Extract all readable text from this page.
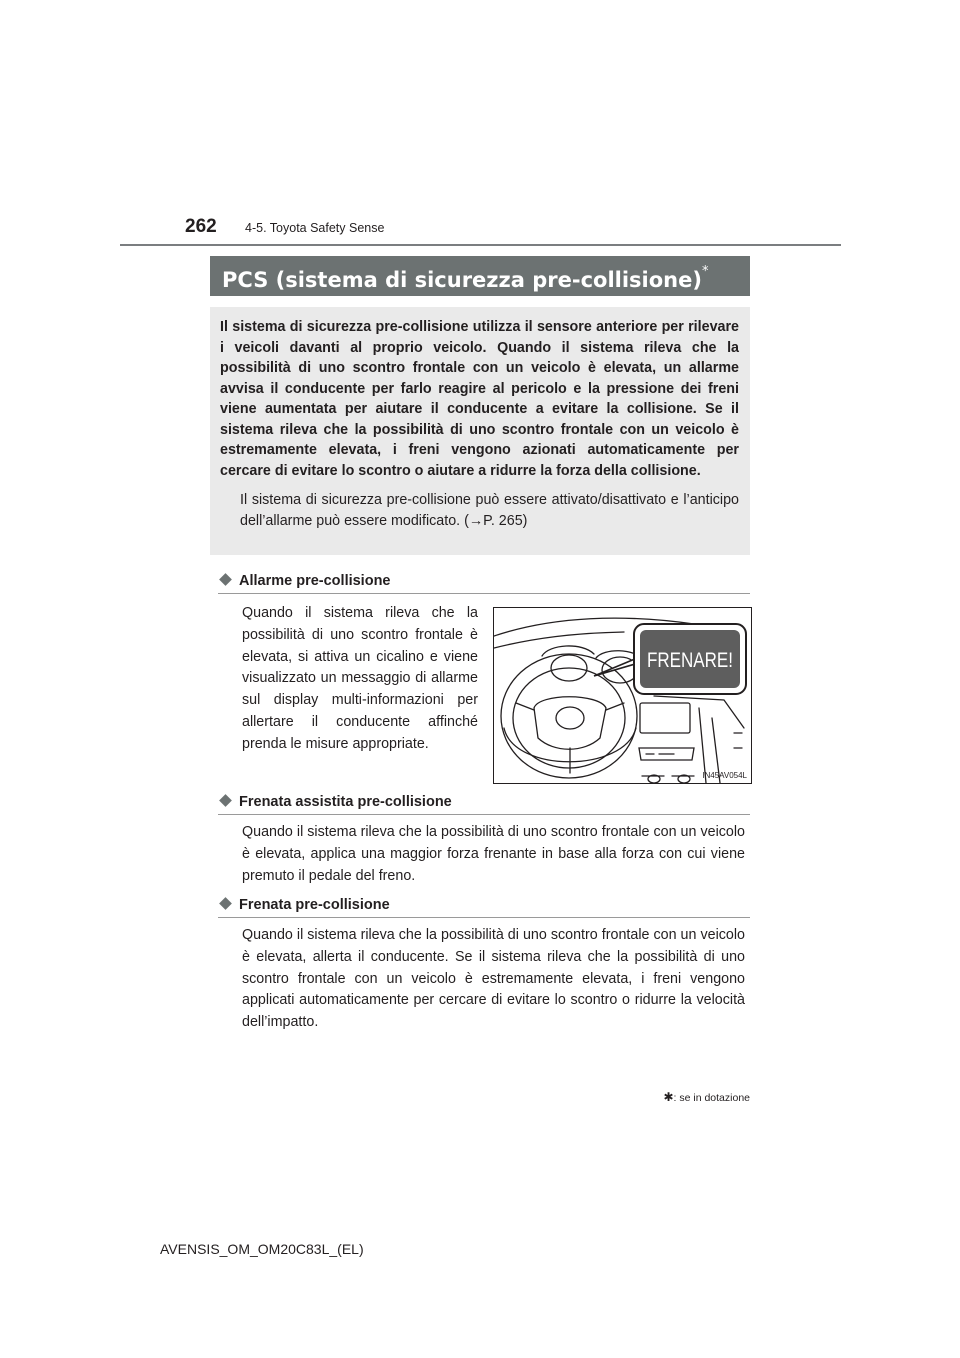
262 4-5. Toyota Safety Sense
PCS (sistema di sicurezza pre-collisione)*

Il sistema di sicurezza pre-collisione utilizza il sensore anteriore per rilevare i veicoli davanti al proprio veicolo. Quando il sistema rileva che la possibilità di uno scontro frontale con un veicolo è elevata, un allarme avvisa il conducente per farlo reagire al pericolo e la pressione dei freni viene aumentata per aiutare il conducente a evitare la collisione. Se il sistema rileva che la possibilità di uno scontro frontale con un veicolo è estremamente elevata, i freni vengono azionati automaticamente per cercare di evitare lo scontro o aiutare a ridurre la forza della collisione.

Il sistema di sicurezza pre-collisione può essere attivato/disattivato e l’anticipo dell’allarme può essere modificato. (→P. 265)

Allarme pre-collisione

Quando il sistema rileva che la possibilità di uno scontro frontale è elevata, si attiva un cicalino e viene visualizzato un messaggio di allarme sul display multi-informazioni per allertare il conducente affinché prenda le misure appropriate.

FRENARE!
IN45AV054L
Frenata assistita pre-collisione

Quando il sistema rileva che la possibilità di uno scontro frontale con un veicolo è elevata, applica una maggior forza frenante in base alla forza con cui viene premuto il pedale del freno.

Frenata pre-collisione

Quando il sistema rileva che la possibilità di uno scontro frontale con un veicolo è elevata, allerta il conducente. Se il sistema rileva che la possibilità di uno scontro frontale con un veicolo è estremamente elevata, i freni vengono applicati automaticamente per cercare di evitare lo scontro o ridurre la velocità dell’impatto.

✱: se in dotazione
AVENSIS_OM_OM20C83L_(EL)
